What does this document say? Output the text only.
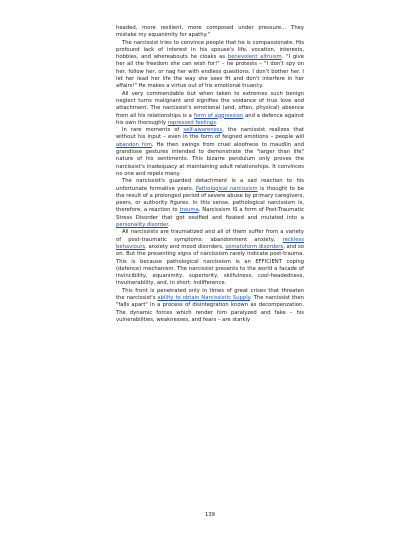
headed, more resilient, more composed under pressure… They mistake my equanimity for apathy."

The narcissist tries to convince people that he is compassionate. His profound lack of interest in his spouse's life, vocation, interests, hobbies, and whereabouts he cloaks as benevolent altruism. "I give her all the freedom she can wish for!" – he protests – "I don't spy on her, follow her, or nag her with endless questions. I don't bother her. I let her lead her life the way she sees fit and don't interfere in her affairs!" He makes a virtue out of his emotional truancy.

All very commendable but when taken to extremes such benign neglect turns malignant and signifies the voidance of true love and attachment. The narcissist's emotional (and, often, physical) absence from all his relationships is a form of aggression and a defence against his own thoroughly repressed feelings.

In rare moments of self-awareness, the narcissist realizes that without his input – even in the form of feigned emotions – people will abandon him. He then swings from cruel aloofness to maudlin and grandiose gestures intended to demonstrate the "larger than life" nature of his sentiments. This bizarre pendulum only proves the narcissist's inadequacy at maintaining adult relationships. It convinces no one and repels many.

The narcissist's guarded detachment is a sad reaction to his unfortunate formative years. Pathological narcissism is thought to be the result of a prolonged period of severe abuse by primary caregivers, peers, or authority figures. In this sense, pathological narcissism is, therefore, a reaction to trauma. Narcissism IS a form of Post-Traumatic Stress Disorder that got ossified and fixated and mutated into a personality disorder.

All narcissists are traumatized and all of them suffer from a variety of post-traumatic symptoms: abandonment anxiety, reckless behaviours, anxiety and mood disorders, somatoform disorders, and so on. But the presenting signs of narcissism rarely indicate post-trauma. This is because pathological narcissism is an EFFICIENT coping (defence) mechanism. The narcissist presents to the world a facade of invincibility, equanimity, superiority, skilfulness, cool-headedness, invulnerability, and, in short: indifference.

This front is penetrated only in times of great crises that threaten the narcissist's ability to obtain Narcissistic Supply. The narcissist then "falls apart" in a process of disintegration known as decompenzation. The dynamic forces which render him paralyzed and fake – his vulnerabilities, weaknesses, and fears – are starkly

139
